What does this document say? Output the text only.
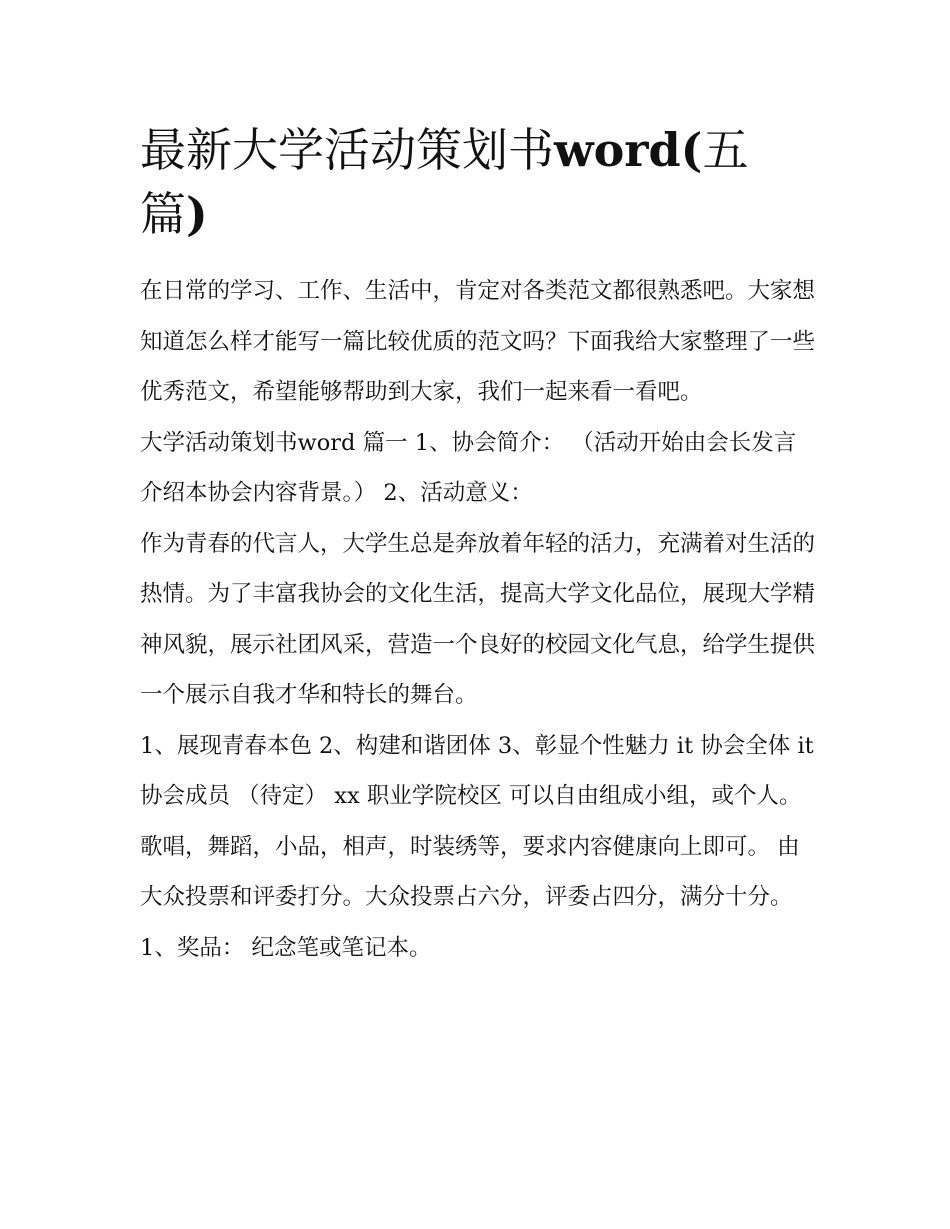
最新大学活动策划书word(五篇)

在日常的学习、工作、生活中，肯定对各类范文都很熟悉吧。大家想知道怎么样才能写一篇比较优质的范文吗？下面我给大家整理了一些优秀范文，希望能够帮助到大家，我们一起来看一看吧。

大学活动策划书word 篇一 1、协会简介： （活动开始由会长发言介绍本协会内容背景。） 2、活动意义：

作为青春的代言人，大学生总是奔放着年轻的活力，充满着对生活的热情。为了丰富我协会的文化生活，提高大学文化品位，展现大学精神风貌，展示社团风采，营造一个良好的校园文化气息，给学生提供一个展示自我才华和特长的舞台。

1、展现青春本色 2、构建和谐团体 3、彰显个性魅力 it 协会全体 it 协会成员 （待定） xx 职业学院校区 可以自由组成小组，或个人。

歌唱，舞蹈，小品，相声，时装绣等，要求内容健康向上即可。 由大众投票和评委打分。大众投票占六分，评委占四分，满分十分。 1、奖品： 纪念笔或笔记本。
